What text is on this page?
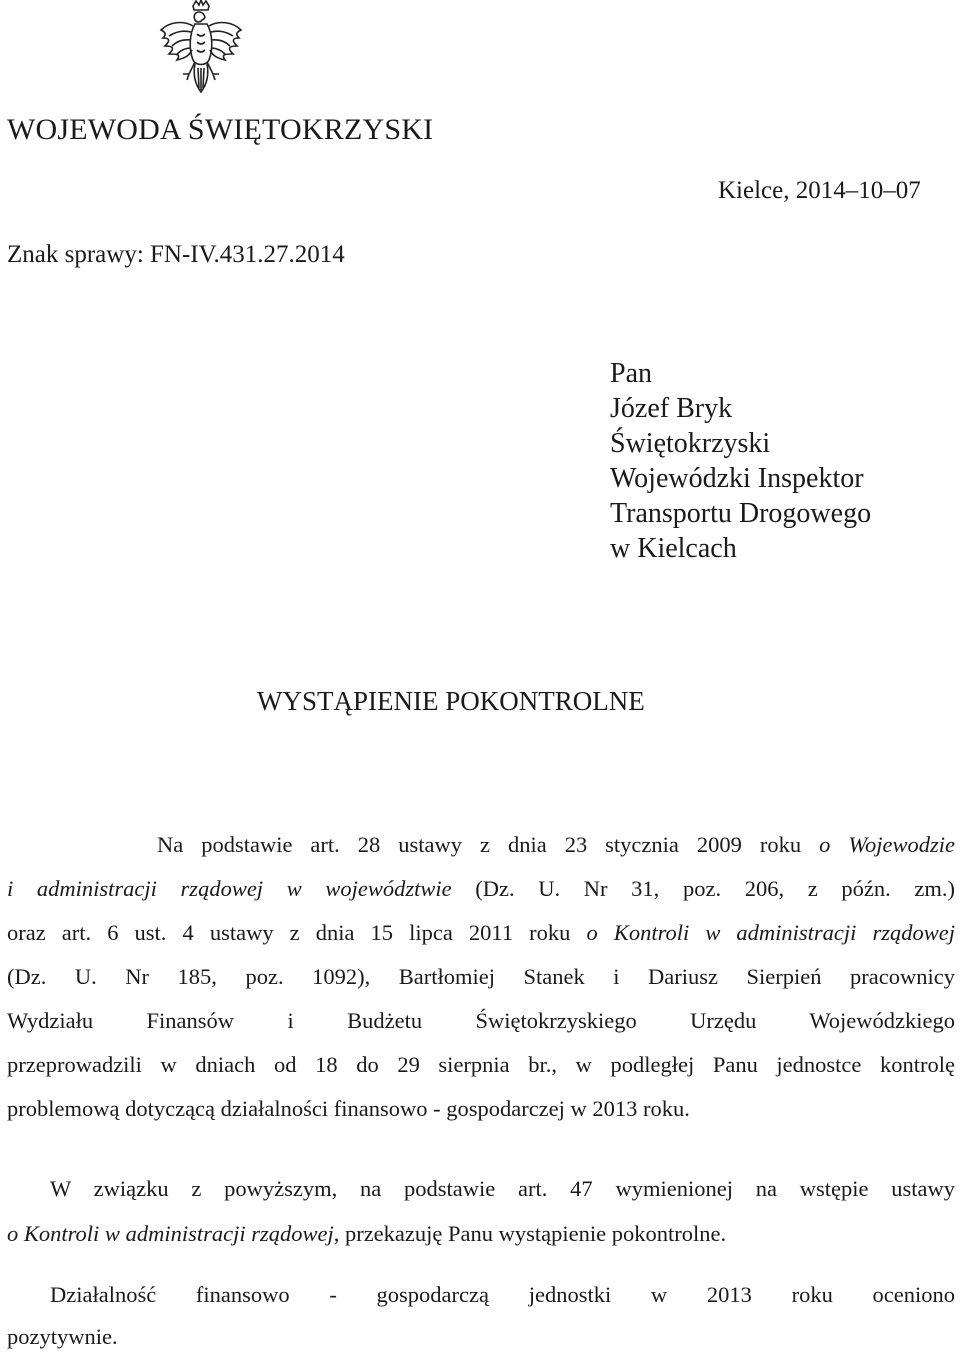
WOJEWODA ŚWIĘTOKRZYSKI
Kielce, 2014–10–07
Znak sprawy: FN-IV.431.27.2014
Pan
Józef Bryk
Świętokrzyski
Wojewódzki Inspektor
Transportu Drogowego
w Kielcach
WYSTĄPIENIE POKONTROLNE
Na podstawie art. 28 ustawy z dnia 23 stycznia 2009 roku o Wojewodzie
i administracji rządowej w województwie (Dz. U. Nr 31, poz. 206, z późn. zm.)
oraz art. 6 ust. 4 ustawy z dnia 15 lipca 2011 roku o Kontroli w administracji rządowej
(Dz. U. Nr 185, poz. 1092), Bartłomiej Stanek i Dariusz Sierpień pracownicy
Wydziału Finansów i Budżetu Świętokrzyskiego Urzędu Wojewódzkiego
przeprowadzili w dniach od 18 do 29 sierpnia br., w podległej Panu jednostce kontrolę
problemową dotyczącą działalności finansowo - gospodarczej w 2013 roku.
W związku z powyższym, na podstawie art. 47 wymienionej na wstępie ustawy
o Kontroli w administracji rządowej, przekazuję Panu wystąpienie pokontrolne.
Działalność finansowo - gospodarczą jednostki w 2013 roku oceniono
pozytywnie.
